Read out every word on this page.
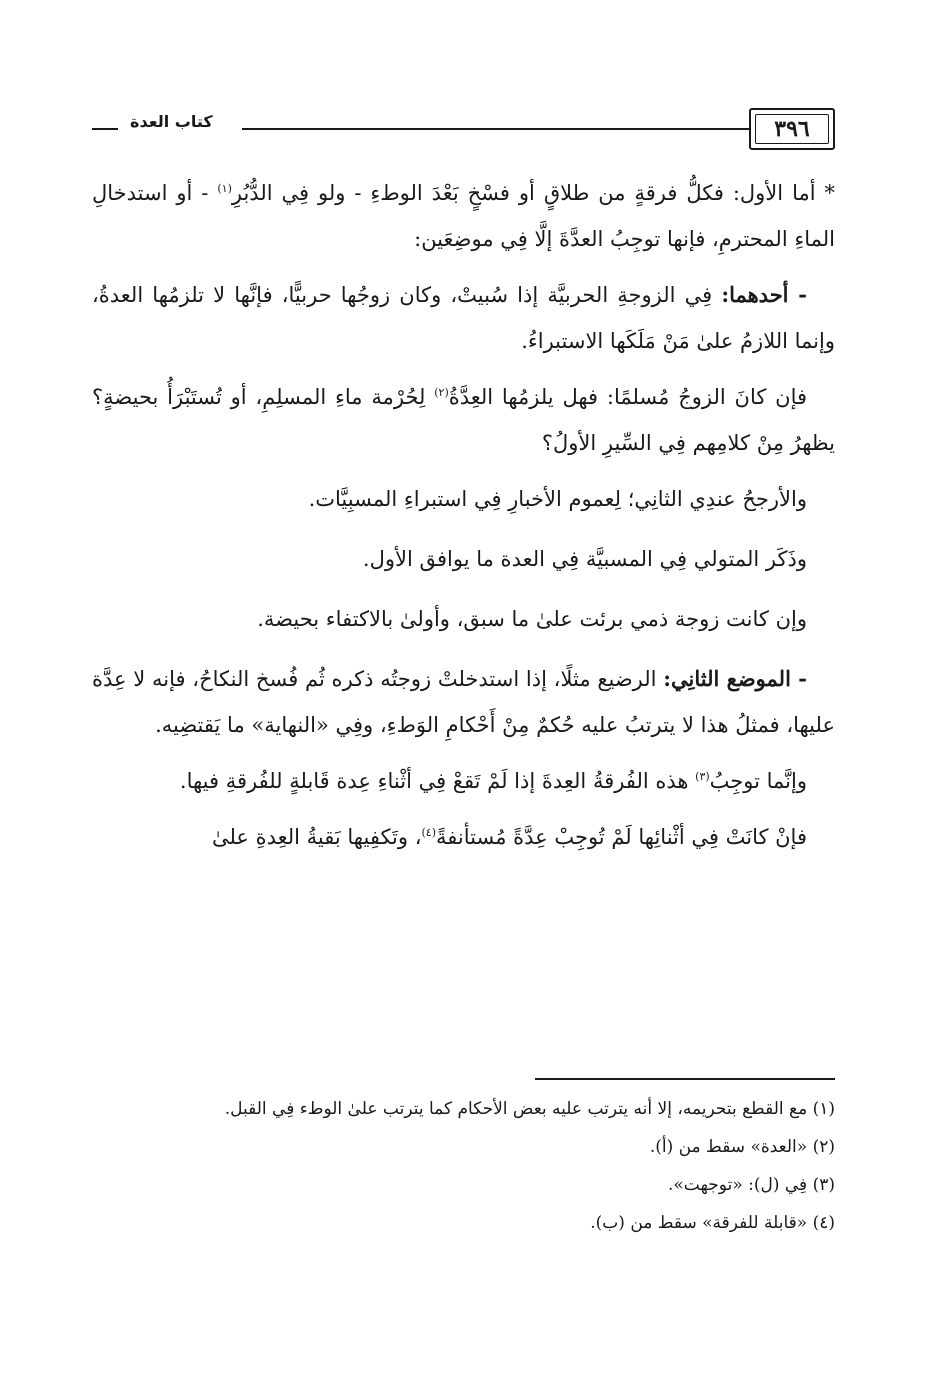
٣٩٦
كتاب العدة

* أما الأول: فكلُّ فرقةٍ من طلاقٍ أو فسْخٍ بَعْدَ الوطءِ - ولو فِي الدُّبُرِ$^{(١)}$ - أو استدخالِ الماءِ المحترمِ، فإنها توجِبُ العدَّةَ إلَّا فِي موضِعَين:

- أحدهما: فِي الزوجةِ الحربيَّة إذا سُبيتْ، وكان زوجُها حربيًّا، فإنَّها لا تلزمُها العدةُ، وإنما اللازمُ علىٰ مَنْ مَلَكَها الاستبراءُ.

فإن كانَ الزوجُ مُسلمًا: فهل يلزمُها العِدَّةُ$^{(٢)}$ لِحُرْمة ماءِ المسلِمِ، أو تُستَبْرَأُ بحيضةٍ؟ يظهرُ مِنْ كلامِهم فِي السِّيرِ الأولُ؟

والأرجحُ عندِي الثانِي؛ لِعموم الأخبارِ فِي استبراءِ المسبِيَّات.

وذَكَر المتولي فِي المسبيَّة فِي العدة ما يوافق الأول.

وإن كانت زوجة ذمي برئت علىٰ ما سبق، وأولىٰ بالاكتفاء بحيضة.

- الموضع الثانِي: الرضيع مثلًا، إذا استدخلتْ زوجتُه ذكره ثُم فُسخ النكاحُ، فإنه لا عِدَّة عليها، فمثلُ هذا لا يترتبُ عليه حُكمٌ مِنْ أَحْكامِ الوَطءِ، وفِي «النهاية» ما يَقتضِيه.

وإنَّما توجِبُ$^{(٣)}$ هذه الفُرقةُ العِدةَ إذا لَمْ تَقعْ فِي أثْناءِ عِدة قَابلةٍ للفُرقةِ فيها.

فإنْ كانَتْ فِي أثْنائِها لَمْ تُوجِبْ عِدَّةً مُستأنفةً$^{(٤)}$، وتَكفِيها بَقيةُ العِدةِ علىٰ

(١) مع القطع بتحريمه، إلا أنه يترتب عليه بعض الأحكام كما يترتب علىٰ الوطء فِي القبل.

(٢) «العدة» سقط من (أ).

(٣) فِي (ل): «توجهت».

(٤) «قابلة للفرقة» سقط من (ب).
